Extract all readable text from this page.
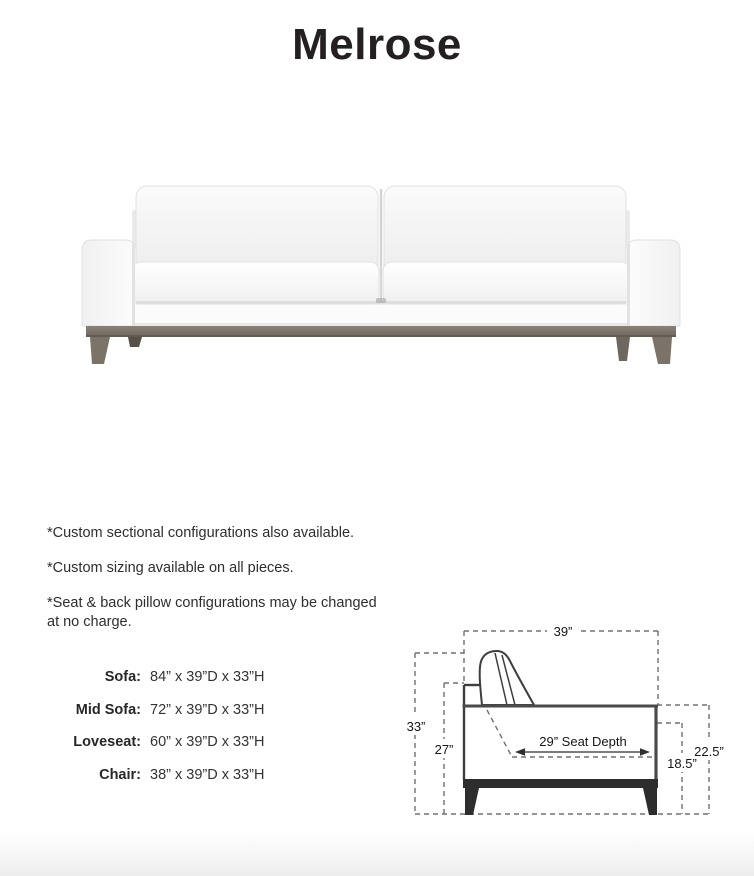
Melrose

*Custom sectional configurations also available.

*Custom sizing available on all pieces.

*Seat & back pillow configurations may be changed at no charge.

Sofa: 84” x 39”D x 33”H
Mid Sofa: 72” x 39”D x 33”H
Loveseat: 60” x 39”D x 33”H
Chair: 38” x 39”D x 33”H
39”
33”
27”
29” Seat Depth
22.5”
18.5”
